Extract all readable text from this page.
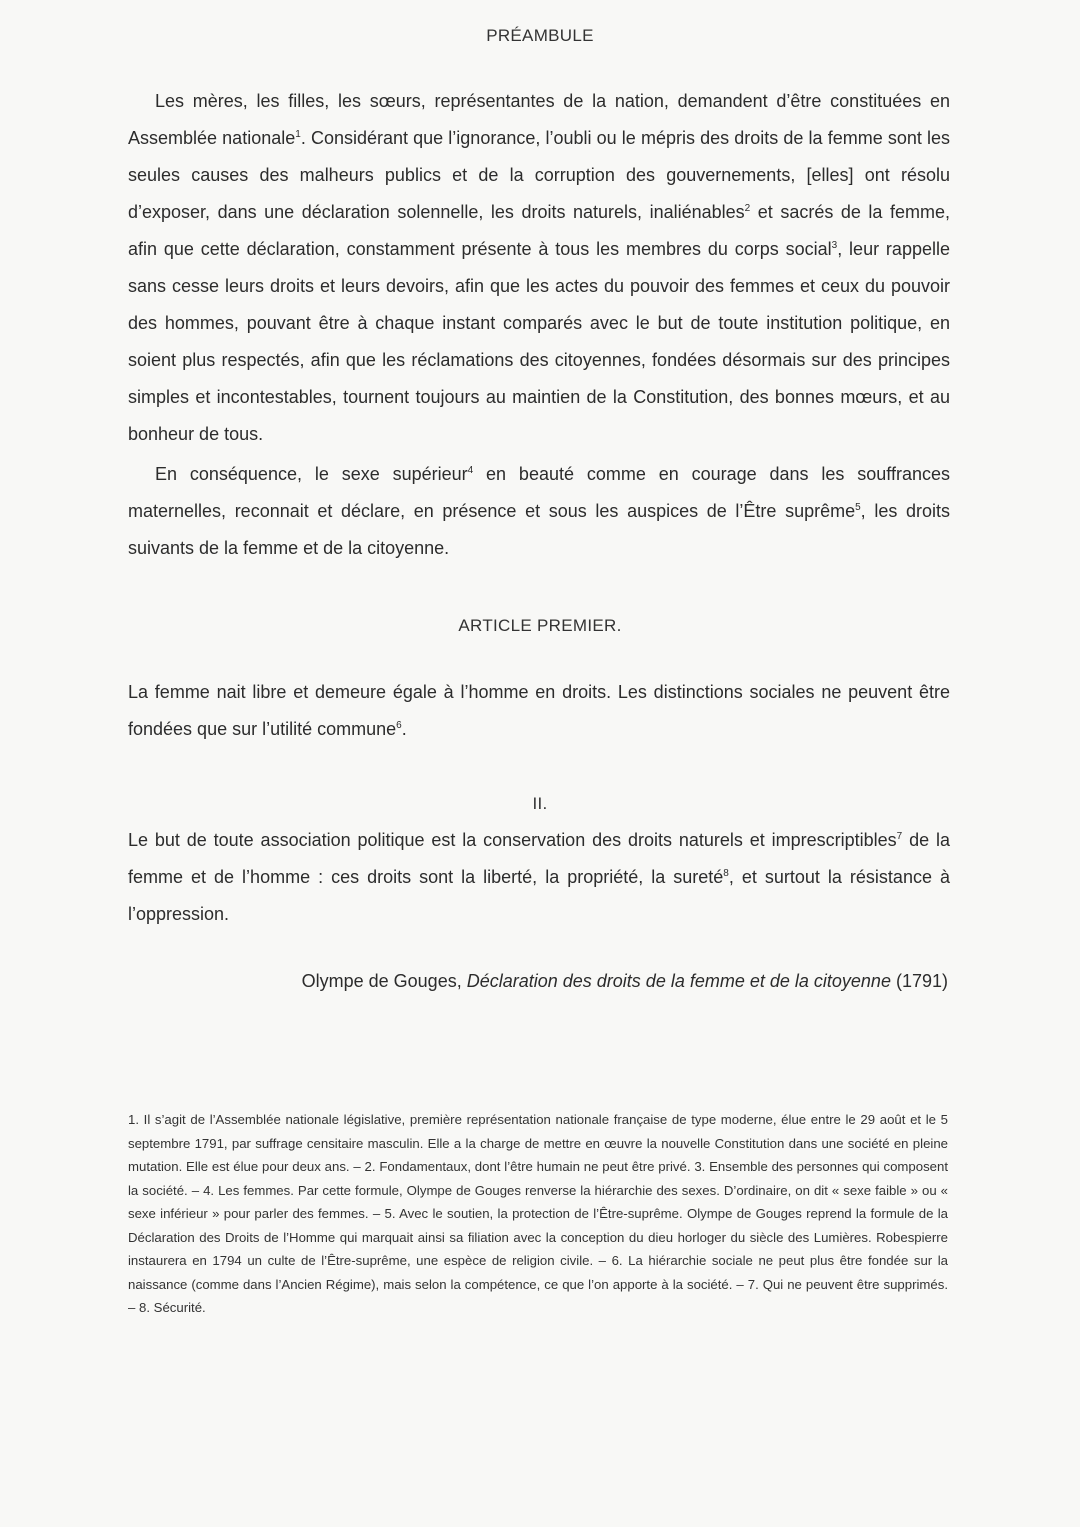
PRÉAMBULE

Les mères, les filles, les sœurs, représentantes de la nation, demandent d’être constituées en Assemblée nationale$^1$. Considérant que l’ignorance, l’oubli ou le mépris des droits de la femme sont les seules causes des malheurs publics et de la corruption des gouvernements, [elles] ont résolu d’exposer, dans une déclaration solennelle, les droits naturels, inaliénables$^2$ et sacrés de la femme, afin que cette déclaration, constamment présente à tous les membres du corps social$^3$, leur rappelle sans cesse leurs droits et leurs devoirs, afin que les actes du pouvoir des femmes et ceux du pouvoir des hommes, pouvant être à chaque instant comparés avec le but de toute institution politique, en soient plus respectés, afin que les réclamations des citoyennes, fondées désormais sur des principes simples et incontestables, tournent toujours au maintien de la Constitution, des bonnes mœurs, et au bonheur de tous.

En conséquence, le sexe supérieur$^4$ en beauté comme en courage dans les souffrances maternelles, reconnait et déclare, en présence et sous les auspices de l’Être suprême$^5$, les droits suivants de la femme et de la citoyenne.

ARTICLE PREMIER.

La femme nait libre et demeure égale à l’homme en droits. Les distinctions sociales ne peuvent être fondées que sur l’utilité commune$^6$.

II.

Le but de toute association politique est la conservation des droits naturels et imprescriptibles$^7$ de la femme et de l’homme : ces droits sont la liberté, la propriété, la sureté$^8$, et surtout la résistance à l’oppression.

Olympe de Gouges, Déclaration des droits de la femme et de la citoyenne (1791)

1. Il s’agit de l’Assemblée nationale législative, première représentation nationale française de type moderne, élue entre le 29 août et le 5 septembre 1791, par suffrage censitaire masculin. Elle a la charge de mettre en œuvre la nouvelle Constitution dans une société en pleine mutation. Elle est élue pour deux ans. – 2. Fondamentaux, dont l’être humain ne peut être privé. 3. Ensemble des personnes qui composent la société. – 4. Les femmes. Par cette formule, Olympe de Gouges renverse la hiérarchie des sexes. D’ordinaire, on dit « sexe faible » ou « sexe inférieur » pour parler des femmes. – 5. Avec le soutien, la protection de l’Être-suprême. Olympe de Gouges reprend la formule de la Déclaration des Droits de l’Homme qui marquait ainsi sa filiation avec la conception du dieu horloger du siècle des Lumières. Robespierre instaurera en 1794 un culte de l’Être-suprême, une espèce de religion civile. – 6. La hiérarchie sociale ne peut plus être fondée sur la naissance (comme dans l’Ancien Régime), mais selon la compétence, ce que l’on apporte à la société. – 7. Qui ne peuvent être supprimés. – 8. Sécurité.
